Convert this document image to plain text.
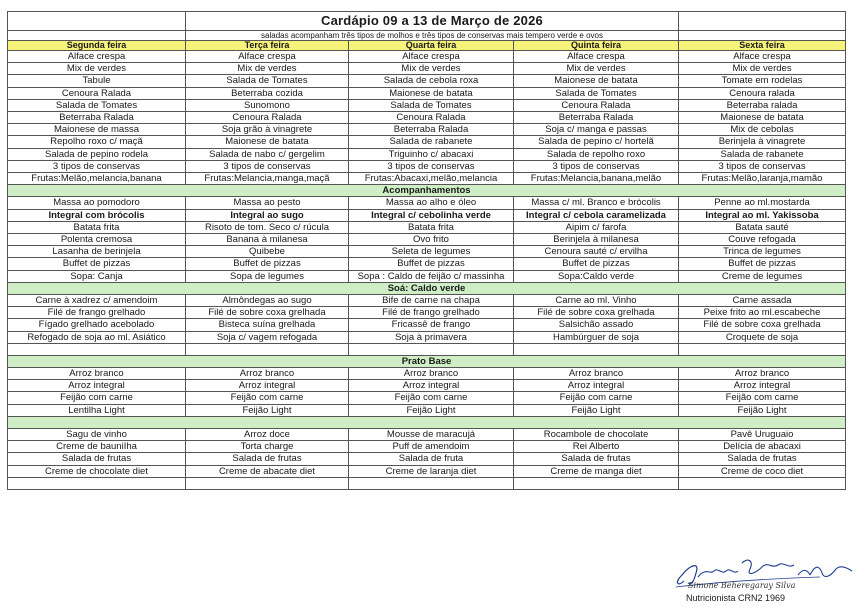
	Cardápio 09 a 13 de Março de 2026			
	saladas acompanham três tipos de molhos e três tipos de conservas mais tempero verde e ovos			
Segunda feira	Terça feira	Quarta feira	Quinta feira	Sexta feira
Alface crespa	Alface crespa	Alface crespa	Alface crespa	Alface crespa
Mix de verdes	Mix de verdes	Mix de verdes	Mix de verdes	Mix de verdes
Tabule	Salada de Tomates	Salada de cebola roxa	Maionese de batata	Tomate em rodelas
Cenoura Ralada	Beterraba cozida	Maionese de batata	Salada de Tomates	Cenoura ralada
Salada de Tomates	Sunomono	Salada de Tomates	Cenoura Ralada	Beterraba ralada
Beterraba Ralada	Cenoura Ralada	Cenoura Ralada	Beterraba Ralada	Maionese de batata
Maionese de massa	Soja grão à vinagrete	Beterraba Ralada	Soja c/ manga e passas	Mix de cebolas
Repolho roxo c/ maçã	Maionese de batata	Salada de rabanete	Salada de pepino c/ hortelã	Berinjela à vinagrete
Salada de pepino rodela	Salada de nabo c/ gergelim	Triguinho c/ abacaxi	Salada de repolho roxo	Salada de rabanete
3 tipos de conservas	3 tipos de conservas	3 tipos de conservas	3 tipos de conservas	3 tipos de conservas
Frutas:Melão,melancia,banana	Frutas:Melancia,manga,maçã	Frutas:Abacaxi,melão,melancia	Frutas:Melancia,banana,melão	Frutas:Melão,laranja,mamão
Acompanhamentos				
Massa ao pomodoro	Massa ao pesto	Massa ao alho e óleo	Massa c/ ml. Branco e brócolis	Penne ao ml.mostarda
Integral com brócolis	Integral ao sugo	Integral c/ cebolinha verde	Integral c/ cebola caramelizada	Integral ao ml. Yakissoba
Batata frita	Risoto de tom. Seco c/ rúcula	Batata frita	Aipim c/ farofa	Batata sauté
Polenta cremosa	Banana à milanesa	Ovo frito	Berinjela à milanesa	Couve refogada
Lasanha de berinjela	Quibebe	Seleta de legumes	Cenoura sauté c/ ervilha	Trinca de legumes
Buffet de pizzas	Buffet de pizzas	Buffet de pizzas	Buffet de pizzas	Buffet de pizzas
Sopa: Canja	Sopa de legumes	Sopa : Caldo de feijão c/ massinha	Sopa:Caldo verde	Creme de legumes
Soá: Caldo verde				
Carne à xadrez c/ amendoim	Almôndegas ao sugo	Bife de carne na chapa	Carne ao ml. Vinho	Carne assada
Filé de frango grelhado	Filé de sobre coxa grelhada	Filé de frango grelhado	Filé de sobre coxa grelhada	Peixe frito ao ml.escabeche
Fígado grelhado acebolado	Bisteca suína grelhada	Fricassê de frango	Salsichão assado	Filé de sobre coxa grelhada
Refogado de soja ao ml. Asiático	Soja c/ vagem refogada	Soja à primavera	Hambúrguer de soja	Croquete de soja

Prato Base				
Arroz branco	Arroz branco	Arroz branco	Arroz branco	Arroz branco
Arroz integral	Arroz integral	Arroz integral	Arroz integral	Arroz integral
Feijão com carne	Feijão com carne	Feijão com carne	Feijão com carne	Feijão com carne
Lentilha Light	Feijão Light	Feijão Light	Feijão Light	Feijão Light

Sagu de vinho	Arroz doce	Mousse de maracujá	Rocambole de chocolate	Pavê Uruguaio
Creme de bauniIha	Torta charge	Puff de amendoim	Rei Alberto	Delícia de abacaxi
Salada de frutas	Salada de frutas	Salada de fruta	Salada de frutas	Salada de frutas
Creme de chocolate diet	Creme de abacate diet	Creme de laranja diet	Creme de manga diet	Creme de coco diet

Simone Beheregaray Silva
Nutricionista CRN2 1969
